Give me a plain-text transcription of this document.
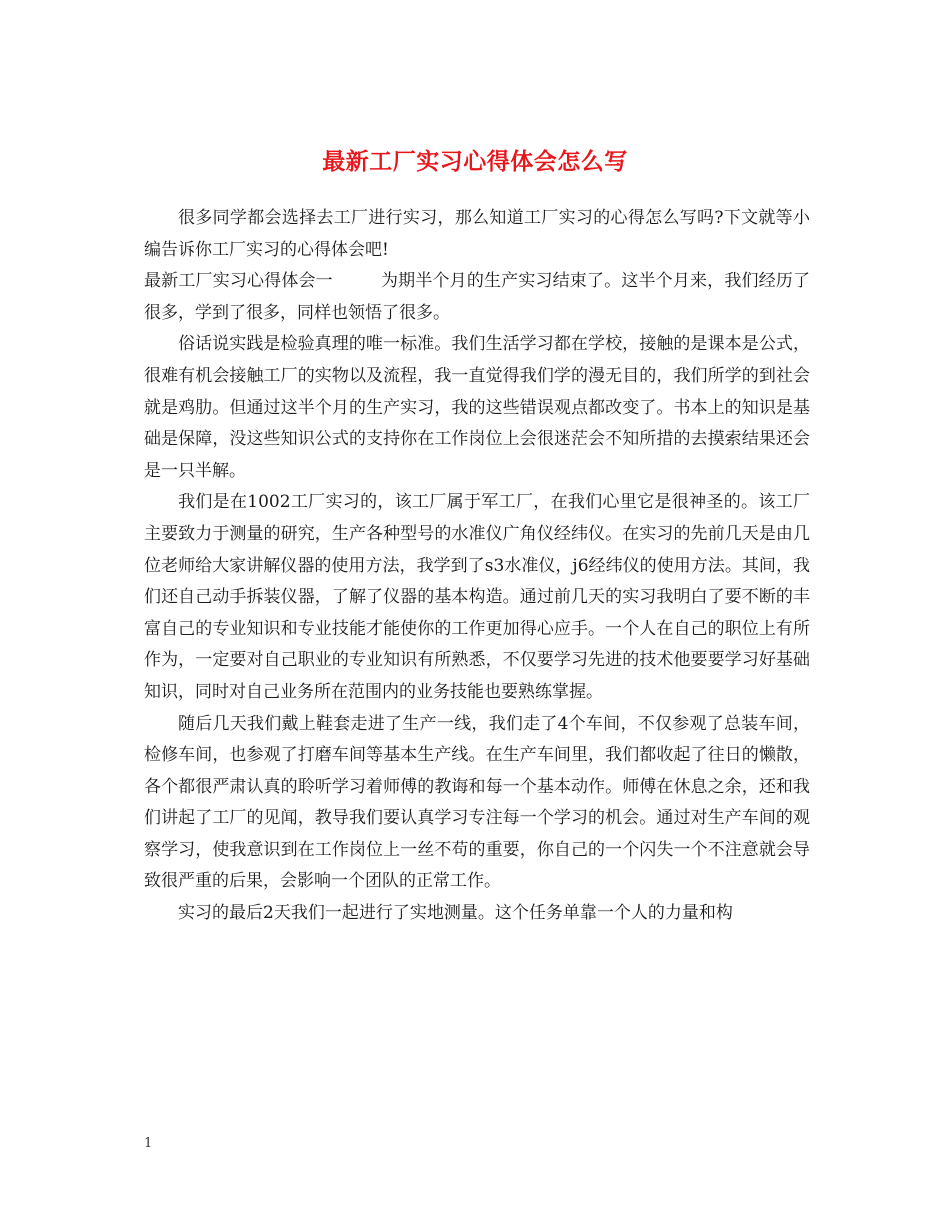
最新工厂实习心得体会怎么写

很多同学都会选择去工厂进行实习，那么知道工厂实习的心得怎么写吗?下文就等小编告诉你工厂实习的心得体会吧!

最新工厂实习心得体会一	为期半个月的生产实习结束了。这半个月来，我们经历了很多，学到了很多，同样也领悟了很多。

俗话说实践是检验真理的唯一标准。我们生活学习都在学校，接触的是课本是公式，很难有机会接触工厂的实物以及流程，我一直觉得我们学的漫无目的，我们所学的到社会就是鸡肋。但通过这半个月的生产实习，我的这些错误观点都改变了。书本上的知识是基础是保障，没这些知识公式的支持你在工作岗位上会很迷茫会不知所措的去摸索结果还会是一只半解。

我们是在1002工厂实习的，该工厂属于军工厂，在我们心里它是很神圣的。该工厂主要致力于测量的研究，生产各种型号的水准仪广角仪经纬仪。在实习的先前几天是由几位老师给大家讲解仪器的使用方法，我学到了s3水准仪，j6经纬仪的使用方法。其间，我们还自己动手拆装仪器，了解了仪器的基本构造。通过前几天的实习我明白了要不断的丰富自己的专业知识和专业技能才能使你的工作更加得心应手。一个人在自己的职位上有所作为，一定要对自己职业的专业知识有所熟悉，不仅要学习先进的技术他要要学习好基础知识，同时对自己业务所在范围内的业务技能也要熟练掌握。

随后几天我们戴上鞋套走进了生产一线，我们走了4个车间，不仅参观了总装车间，检修车间，也参观了打磨车间等基本生产线。在生产车间里，我们都收起了往日的懒散，各个都很严肃认真的聆听学习着师傅的教诲和每一个基本动作。师傅在休息之余，还和我们讲起了工厂的见闻，教导我们要认真学习专注每一个学习的机会。通过对生产车间的观察学习，使我意识到在工作岗位上一丝不苟的重要，你自己的一个闪失一个不注意就会导致很严重的后果，会影响一个团队的正常工作。

实习的最后2天我们一起进行了实地测量。这个任务单靠一个人的力量和构

1
